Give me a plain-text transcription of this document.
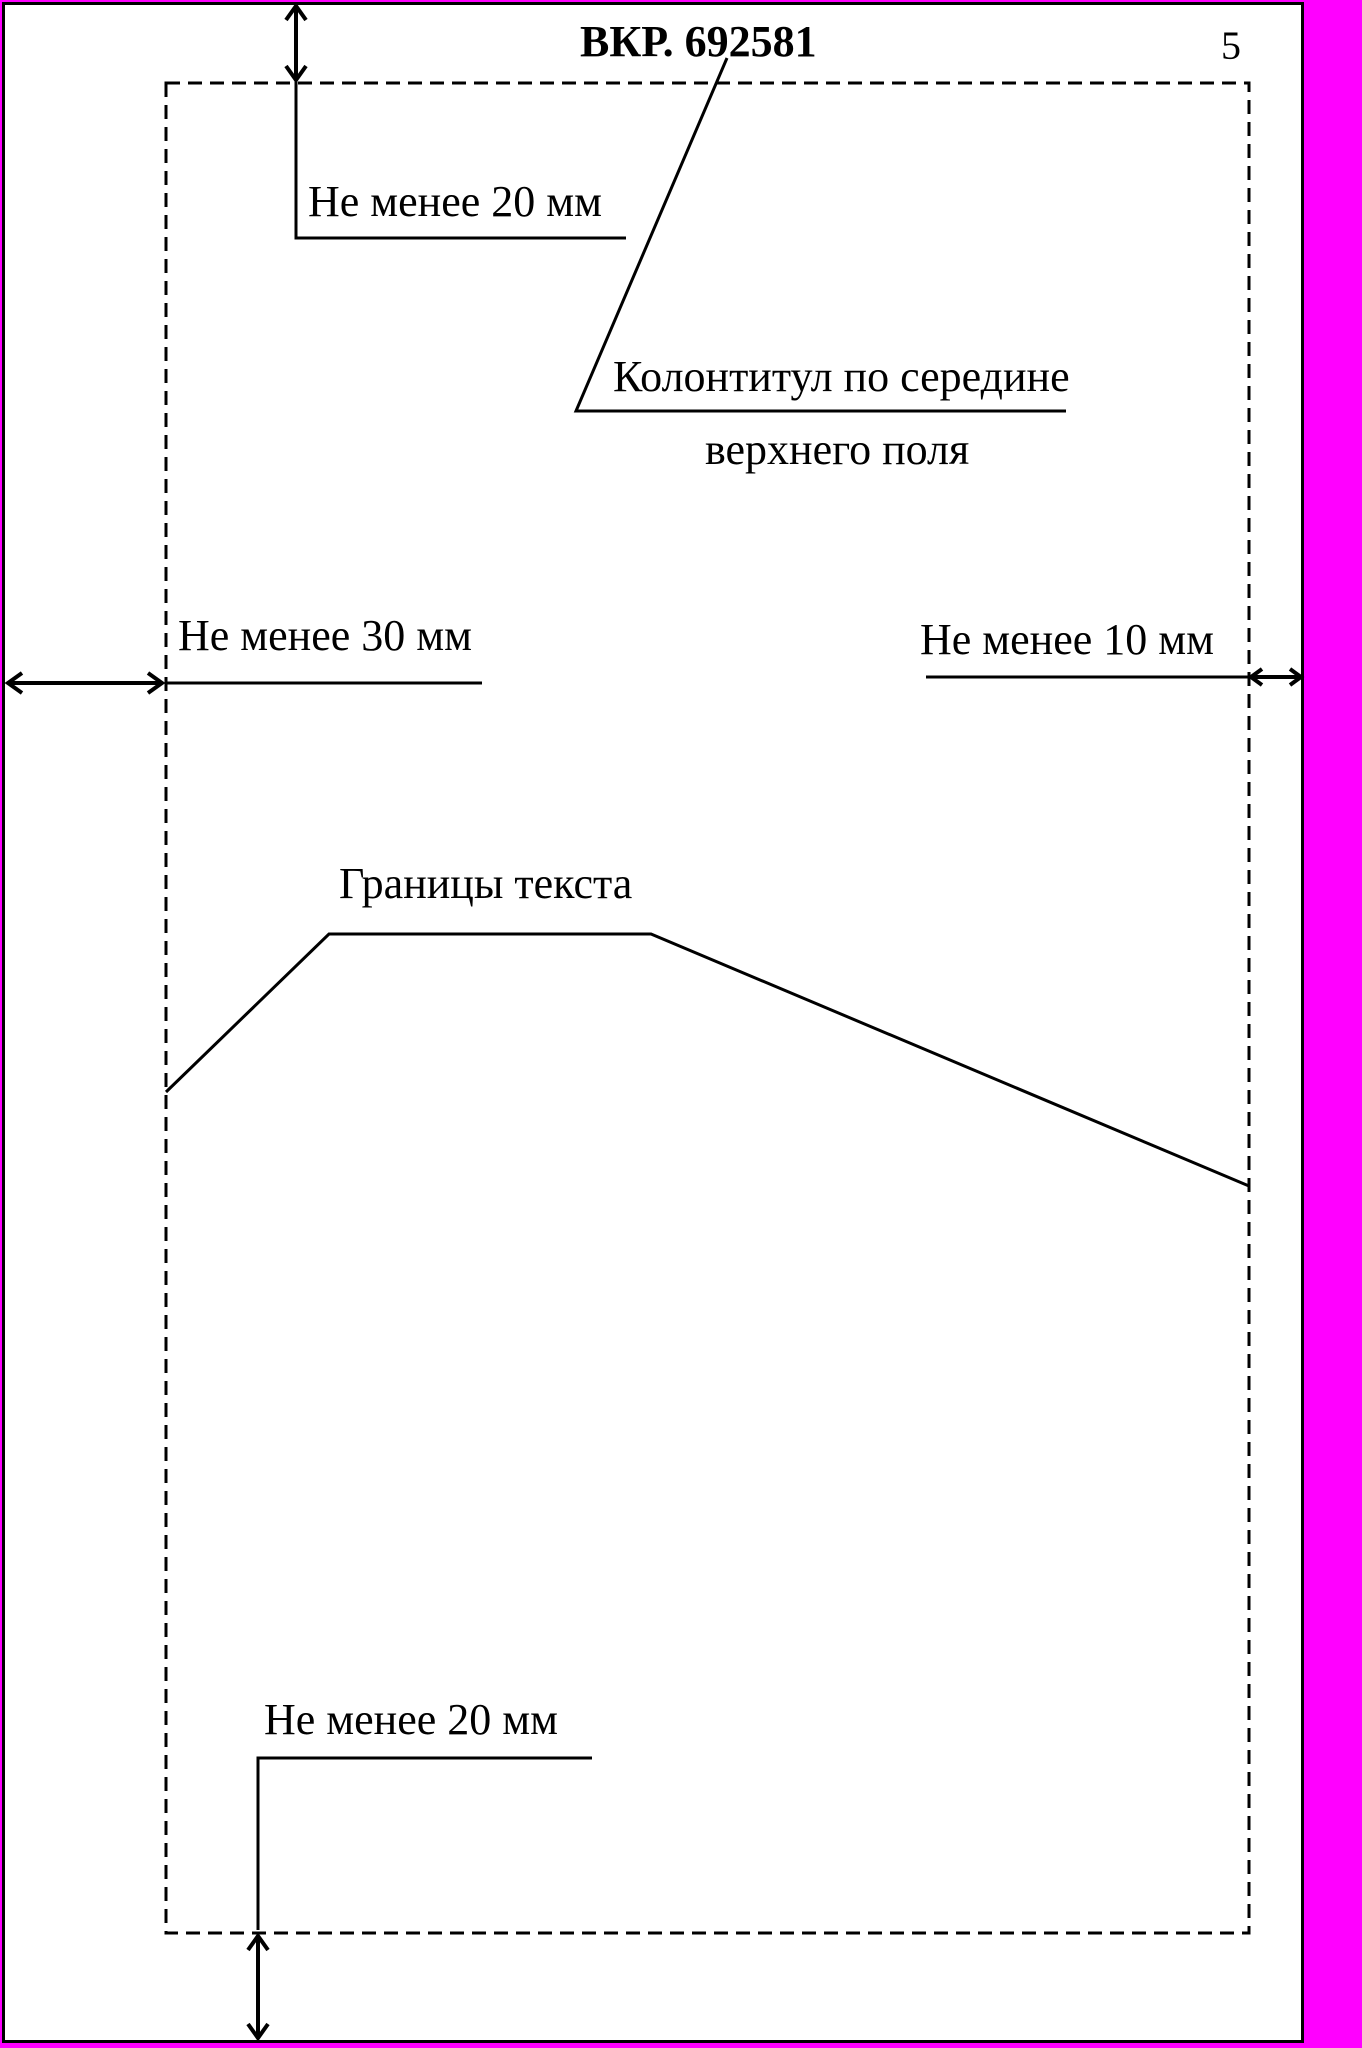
ВКР. 692581	5
Не менее 20 мм
Колонтитул по середине
верхнего поля
Не менее 30 мм	Не менее 10 мм
Границы текста
Не менее 20 мм
